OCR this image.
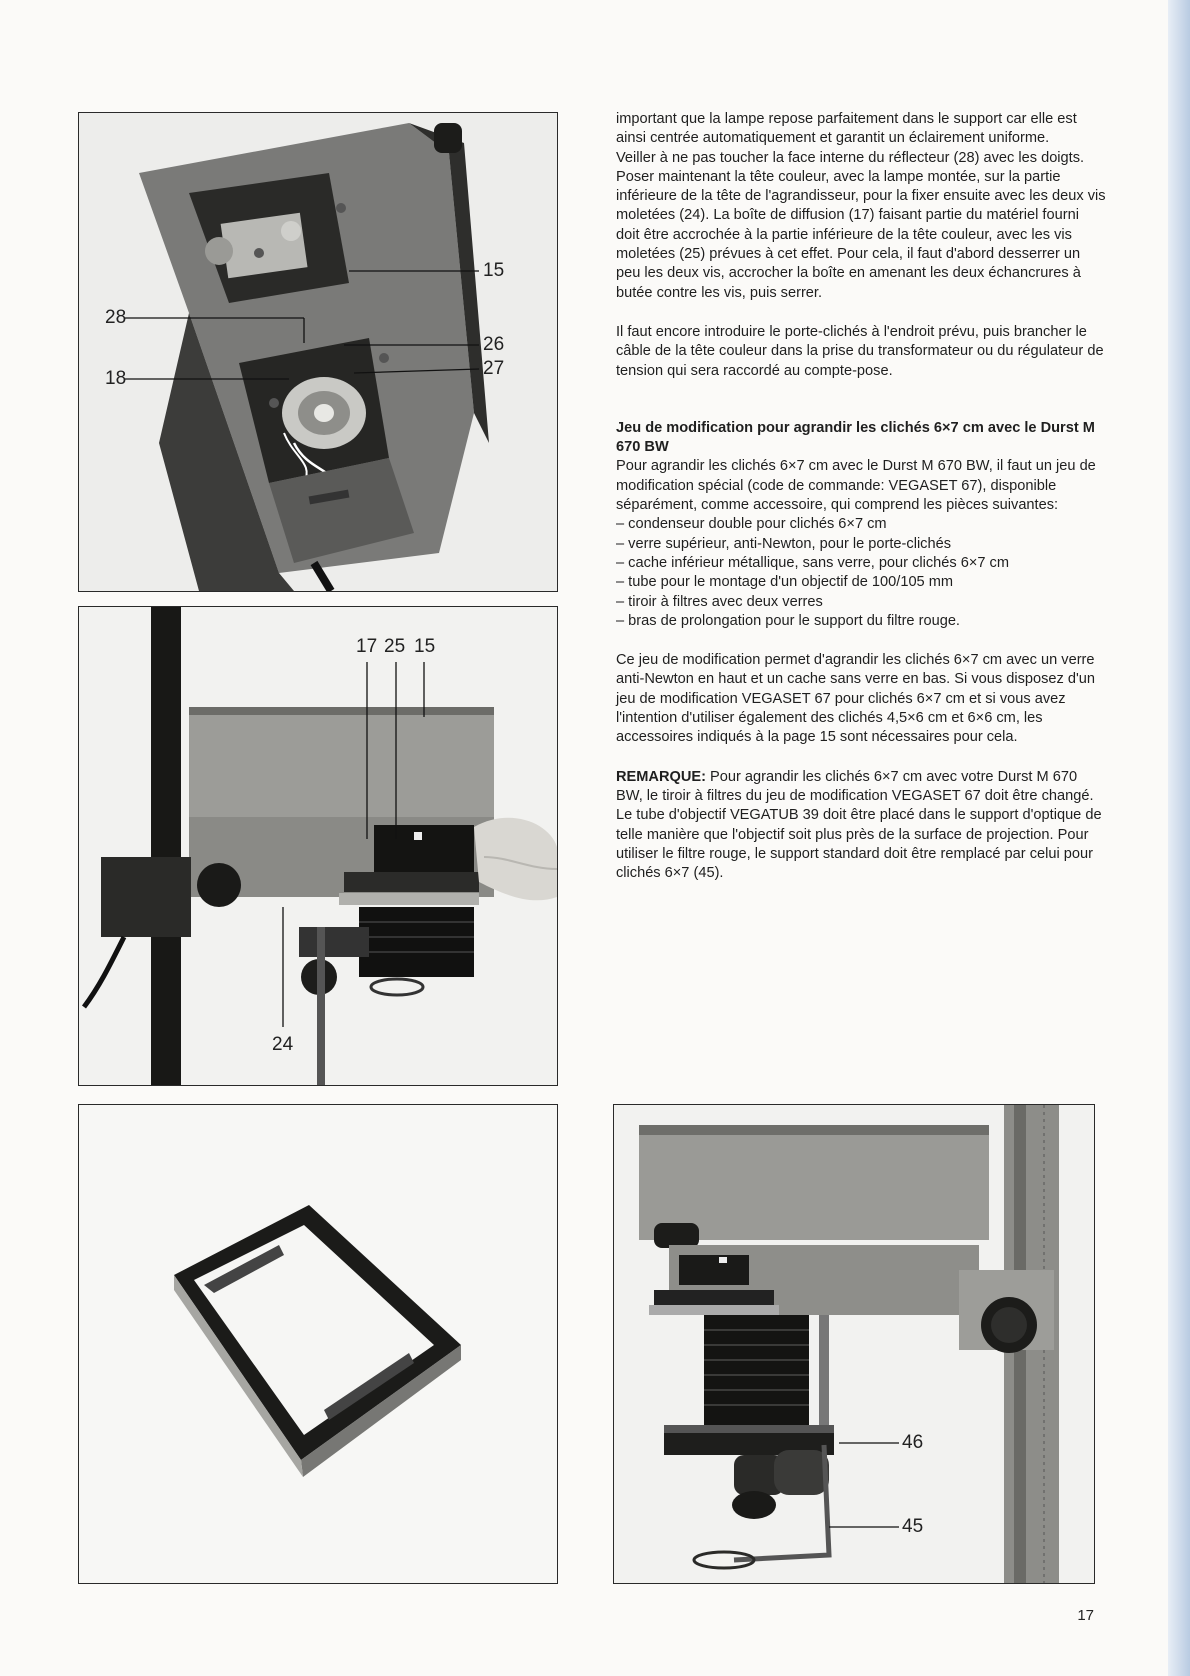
15
28
26
18	27
17 25 15
24
46
45

important que la lampe repose parfaitement dans le support car elle est ainsi centrée automatiquement et garantit un éclairement uniforme.

Veiller à ne pas toucher la face interne du réflecteur (28) avec les doigts.

Poser maintenant la tête couleur, avec la lampe montée, sur la partie inférieure de la tête de l'agrandisseur, pour la fixer ensuite avec les deux vis moletées (24). La boîte de diffusion (17) faisant partie du matériel fourni doit être accrochée à la partie inférieure de la tête couleur, avec les vis moletées (25) prévues à cet effet. Pour cela, il faut d'abord desserrer un peu les deux vis, accrocher la boîte en amenant les deux échancrures à butée contre les vis, puis serrer.

Il faut encore introduire le porte-clichés à l'endroit prévu, puis brancher le câble de la tête couleur dans la prise du transformateur ou du régulateur de tension qui sera raccordé au compte-pose.

Jeu de modification pour agrandir les clichés 6×7 cm avec le Durst M 670 BW

Pour agrandir les clichés 6×7 cm avec le Durst M 670 BW, il faut un jeu de modification spécial (code de commande: VEGASET 67), disponible séparément, comme accessoire, qui comprend les pièces suivantes:

– condenseur double pour clichés 6×7 cm
– verre supérieur, anti-Newton, pour le porte-clichés
– cache inférieur métallique, sans verre, pour clichés 6×7 cm
– tube pour le montage d'un objectif de 100/105 mm
– tiroir à filtres avec deux verres
– bras de prolongation pour le support du filtre rouge.

Ce jeu de modification permet d'agrandir les clichés 6×7 cm avec un verre anti-Newton en haut et un cache sans verre en bas. Si vous disposez d'un jeu de modification VEGASET 67 pour clichés 6×7 cm et si vous avez l'intention d'utiliser également des clichés 4,5×6 cm et 6×6 cm, les accessoires indiqués à la page 15 sont nécessaires pour cela.

REMARQUE: Pour agrandir les clichés 6×7 cm avec votre Durst M 670 BW, le tiroir à filtres du jeu de modification VEGASET 67 doit être changé. Le tube d'objectif VEGATUB 39 doit être placé dans le support d'optique de telle manière que l'objectif soit plus près de la surface de projection. Pour utiliser le filtre rouge, le support standard doit être remplacé par celui pour clichés 6×7 (45).

17
